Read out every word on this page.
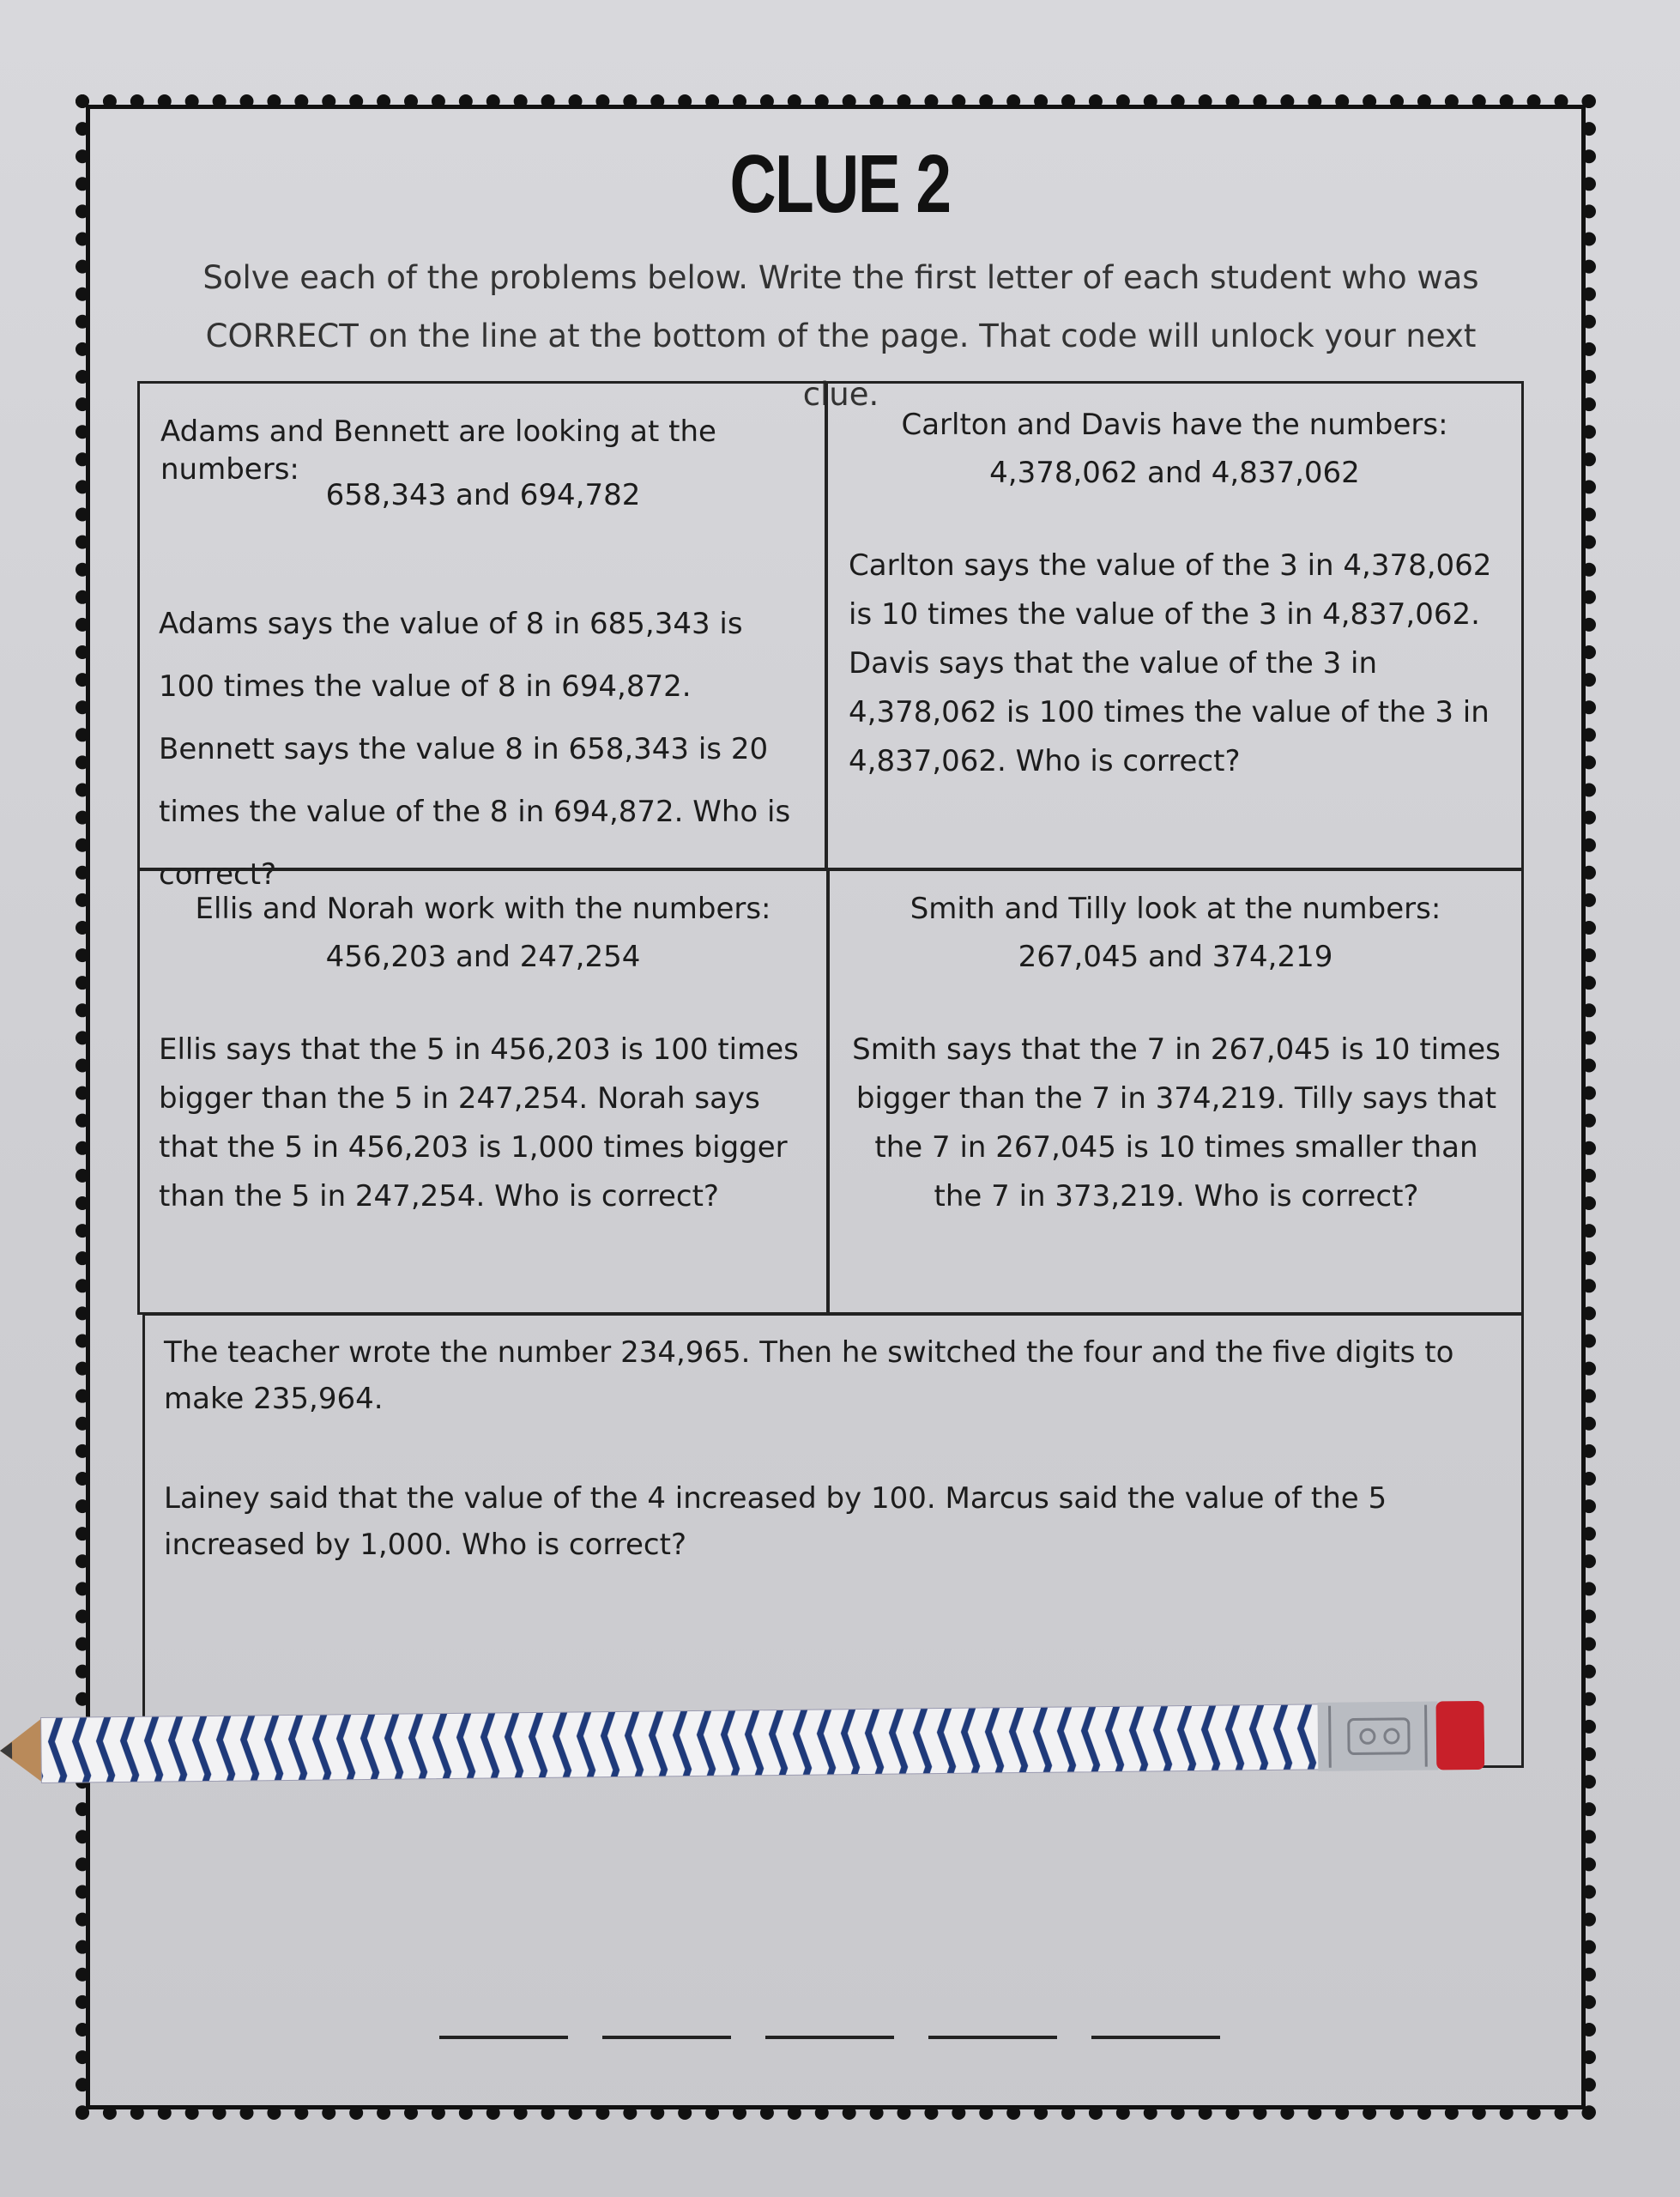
CLUE 2
Solve each of the problems below. Write the first letter of each student who was CORRECT on the line at the bottom of the page. That code will unlock your next clue.

Adams and Bennett are looking at the numbers:

658,343 and 694,782

Adams says the value of 8 in 685,343 is 100 times the value of 8 in 694,872. Bennett says the value 8 in 658,343 is 20 times the value of the 8 in 694,872. Who is correct?

Carlton and Davis have the numbers:

4,378,062 and 4,837,062

Carlton says the value of the 3 in 4,378,062 is 10 times the value of the 3 in 4,837,062. Davis says that the value of the 3 in 4,378,062 is 100 times the value of the 3 in 4,837,062. Who is correct?

Ellis and Norah work with the numbers:

456,203 and 247,254

Ellis says that the 5 in 456,203 is 100 times bigger than the 5 in 247,254. Norah says that the 5 in 456,203 is 1,000 times bigger than the 5 in 247,254. Who is correct?

Smith and Tilly look at the numbers:

267,045 and 374,219

Smith says that the 7 in 267,045 is 10 times bigger than the 7 in 374,219. Tilly says that the 7 in 267,045 is 10 times smaller than the 7 in 373,219. Who is correct?

The teacher wrote the number 234,965. Then he switched the four and the five digits to make 235,964.

Lainey said that the value of the 4 increased by 100. Marcus said the value of the 5 increased by 1,000. Who is correct?
